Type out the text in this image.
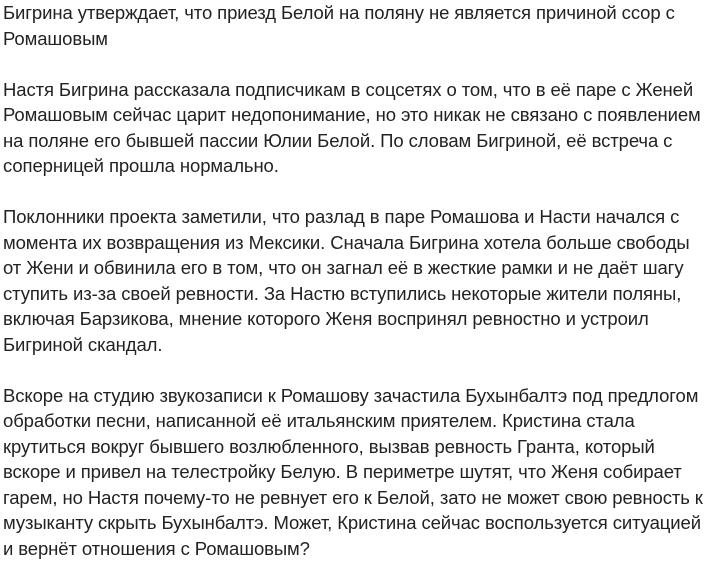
Бигрина утверждает, что приезд Белой на поляну не является причиной ссор с Ромашовым

Настя Бигрина рассказала подписчикам в соцсетях о том, что в её паре с Женей Ромашовым сейчас царит недопонимание, но это никак не связано с появлением на поляне его бывшей пассии Юлии Белой. По словам Бигриной, её встреча с соперницей прошла нормально.

Поклонники проекта заметили, что разлад в паре Ромашова и Насти начался с момента их возвращения из Мексики. Сначала Бигрина хотела больше свободы от Жени и обвинила его в том, что он загнал её в жесткие рамки и не даёт шагу ступить из-за своей ревности. За Настю вступились некоторые жители поляны, включая Барзикова, мнение которого Женя воспринял ревностно и устроил Бигриной скандал.

Вскоре на студию звукозаписи к Ромашову зачастила Бухынбалтэ под предлогом обработки песни, написанной её итальянским приятелем. Кристина стала крутиться вокруг бывшего возлюбленного, вызвав ревность Гранта, который вскоре и привел на телестройку Белую. В периметре шутят, что Женя собирает гарем, но Настя почему-то не ревнует его к Белой, зато не может свою ревность к музыканту скрыть Бухынбалтэ. Может, Кристина сейчас воспользуется ситуацией и вернёт отношения с Ромашовым?
